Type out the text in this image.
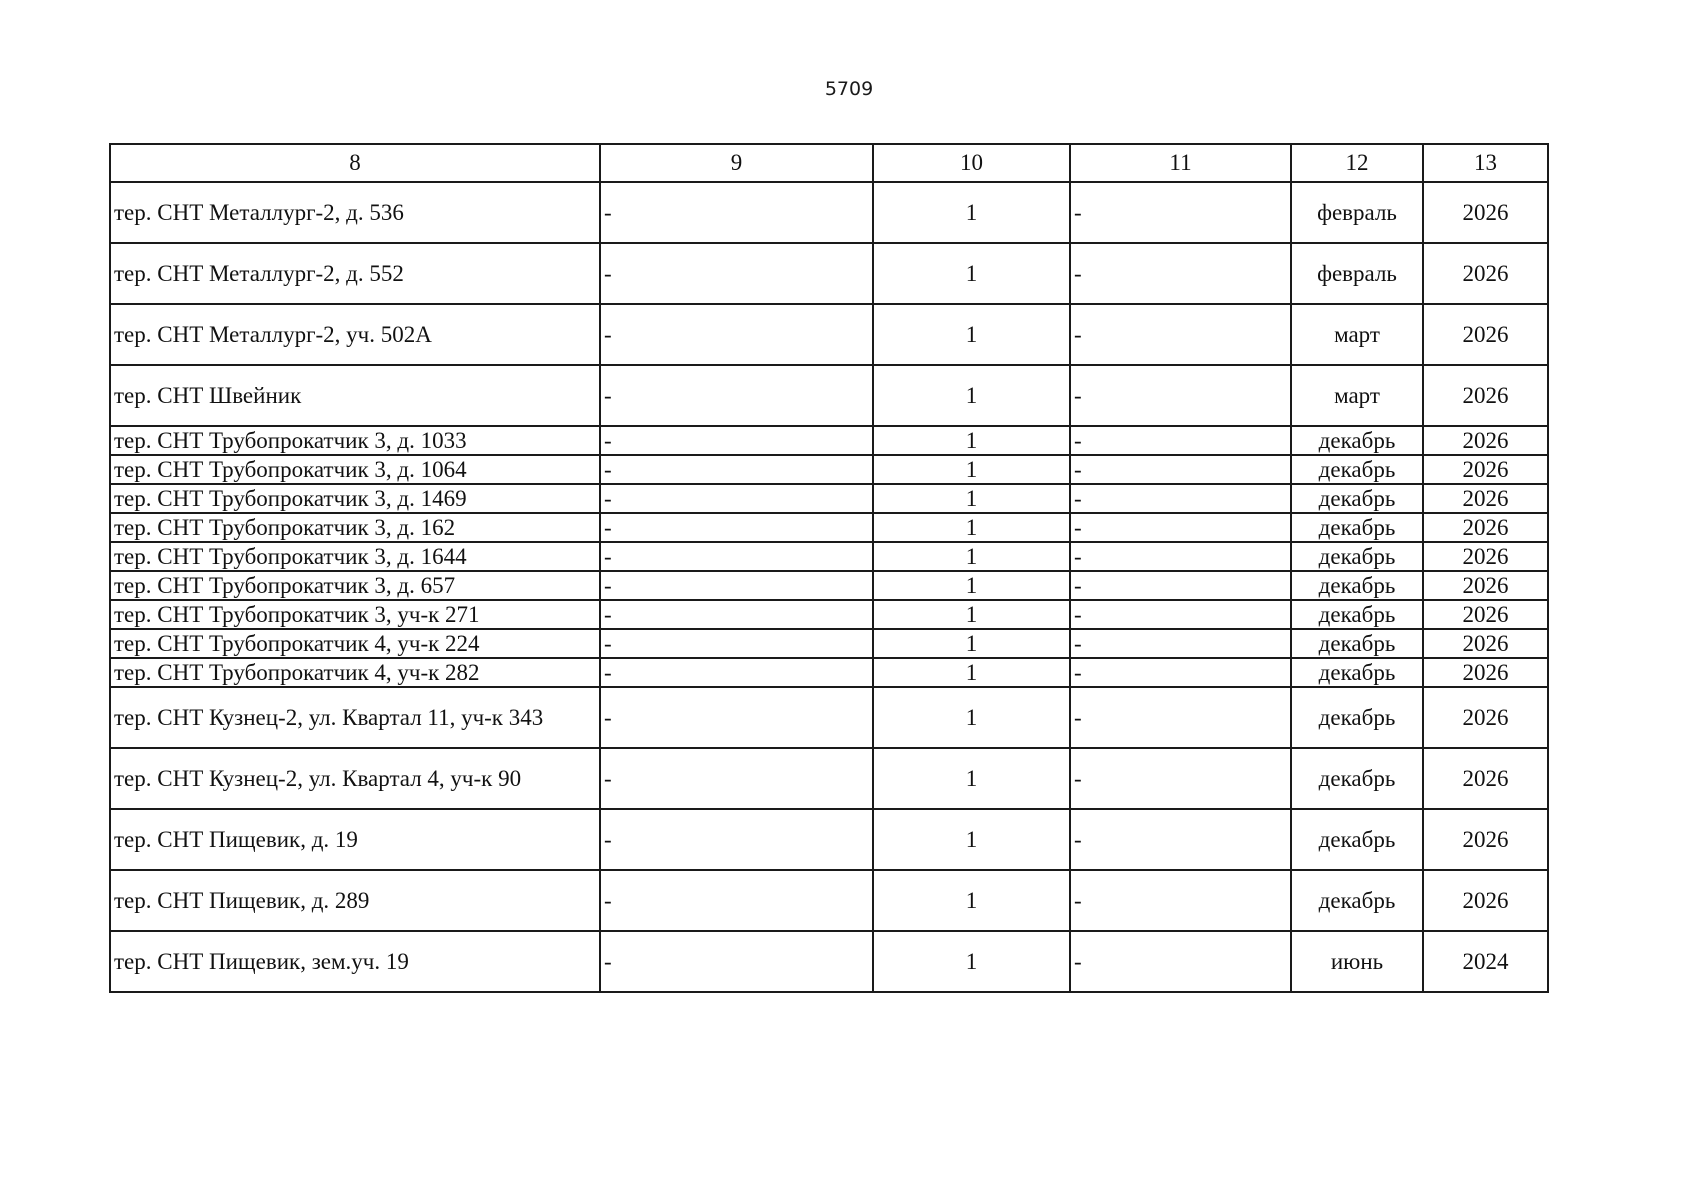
5709
8	9	10	11	12	13
тер. СНТ Металлург-2, д. 536	-	1	-	февраль	2026
тер. СНТ Металлург-2, д. 552	-	1	-	февраль	2026
тер. СНТ Металлург-2, уч. 502А	-	1	-	март	2026
тер. СНТ Швейник	-	1	-	март	2026
тер. СНТ Трубопрокатчик 3, д. 1033	-	1	-	декабрь	2026
тер. СНТ Трубопрокатчик 3, д. 1064	-	1	-	декабрь	2026
тер. СНТ Трубопрокатчик 3, д. 1469	-	1	-	декабрь	2026
тер. СНТ Трубопрокатчик 3, д. 162	-	1	-	декабрь	2026
тер. СНТ Трубопрокатчик 3, д. 1644	-	1	-	декабрь	2026
тер. СНТ Трубопрокатчик 3, д. 657	-	1	-	декабрь	2026
тер. СНТ Трубопрокатчик 3, уч-к 271	-	1	-	декабрь	2026
тер. СНТ Трубопрокатчик 4, уч-к 224	-	1	-	декабрь	2026
тер. СНТ Трубопрокатчик 4, уч-к 282	-	1	-	декабрь	2026
тер. СНТ Кузнец-2, ул. Квартал 11, уч-к 343	-	1	-	декабрь	2026
тер. СНТ Кузнец-2, ул. Квартал 4, уч-к 90	-	1	-	декабрь	2026
тер. СНТ Пищевик, д. 19	-	1	-	декабрь	2026
тер. СНТ Пищевик, д. 289	-	1	-	декабрь	2026
тер. СНТ Пищевик, зем.уч. 19	-	1	-	июнь	2024
